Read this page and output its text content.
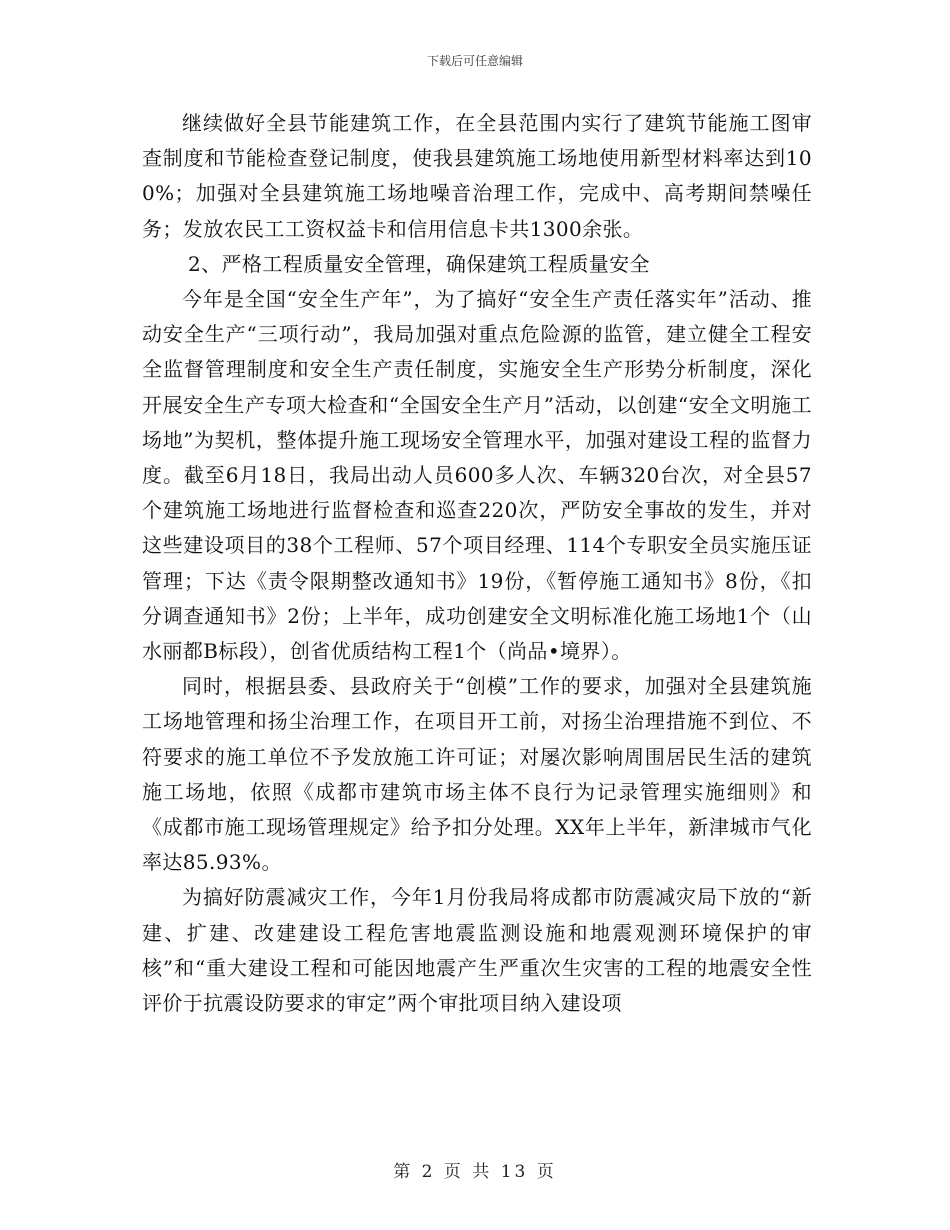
下载后可任意编辑

继续做好全县节能建筑工作，在全县范围内实行了建筑节能施工图审查制度和节能检查登记制度，使我县建筑施工场地使用新型材料率达到100%；加强对全县建筑施工场地噪音治理工作，完成中、高考期间禁噪任务；发放农民工工资权益卡和信用信息卡共1300余张。

2、严格工程质量安全管理，确保建筑工程质量安全

今年是全国“安全生产年”，为了搞好“安全生产责任落实年”活动、推动安全生产“三项行动”，我局加强对重点危险源的监管，建立健全工程安全监督管理制度和安全生产责任制度，实施安全生产形势分析制度，深化开展安全生产专项大检查和“全国安全生产月”活动，以创建“安全文明施工场地”为契机，整体提升施工现场安全管理水平，加强对建设工程的监督力度。截至6月18日，我局出动人员600多人次、车辆320台次，对全县57个建筑施工场地进行监督检查和巡查220次，严防安全事故的发生，并对这些建设项目的38个工程师、57个项目经理、114个专职安全员实施压证管理；下达《责令限期整改通知书》19份，《暂停施工通知书》8份，《扣分调查通知书》2份；上半年，成功创建安全文明标准化施工场地1个（山水丽都B标段），创省优质结构工程1个（尚品•境界）。

同时，根据县委、县政府关于“创模”工作的要求，加强对全县建筑施工场地管理和扬尘治理工作，在项目开工前，对扬尘治理措施不到位、不符要求的施工单位不予发放施工许可证；对屡次影响周围居民生活的建筑施工场地，依照《成都市建筑市场主体不良行为记录管理实施细则》和《成都市施工现场管理规定》给予扣分处理。XX年上半年，新津城市气化率达85.93%。

为搞好防震减灾工作，今年1月份我局将成都市防震减灾局下放的“新建、扩建、改建建设工程危害地震监测设施和地震观测环境保护的审核”和“重大建设工程和可能因地震产生严重次生灾害的工程的地震安全性评价于抗震设防要求的审定”两个审批项目纳入建设项

第 2 页 共 13 页
